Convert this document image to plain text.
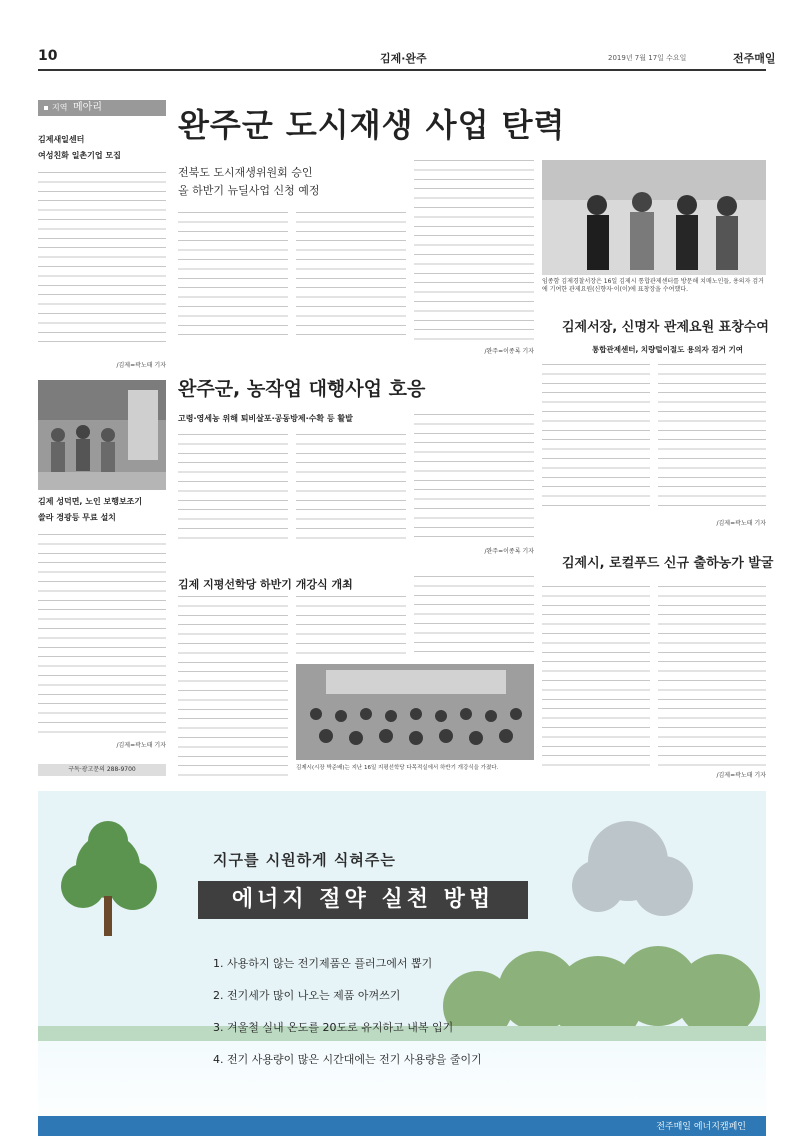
10	김제·완주	2019년 7월 17일 수요일	전주매일
지역 메아리
김제새일센터
여성친화 일촌기업 모집
/김제=곽노태 기자
김제 성덕면, 노인 보행보조기
쓸라 경광등 무료 설치
/김제=곽노태 기자
구독·광고문의 288-9700
완주군 도시재생 사업 탄력
전북도 도시재생위원회 승인
올 하반기 뉴딜사업 신청 예정
/완주=이종록 기자
임종함 김제경찰서장은 16일 김제시 통합관제센터를 방문해 치매노인들, 용의자 검거에 기여한 관제요원(신향자·이(이)에 표창장을 수여했다.
김제서장, 신명자 관제요원 표창수여
통합관제센터, 치량털이절도 용의자 검거 기여
/김제=곽노태 기자
완주군, 농작업 대행사업 호응
고령·영세농 위해 퇴비살포·공동방제·수확 등 활발
/완주=이종록 기자
김제 지평선학당 하반기 개강식 개최
김제시(시장 박준배)는 지난 16일 지평선학당 다목적실에서 하반기 개강식을 가졌다.
김제시, 로컬푸드 신규 출하농가 발굴
/김제=곽노태 기자
지구를 시원하게 식혀주는
에너지 절약 실천 방법
1. 사용하지 않는 전기제품은 플러그에서 뽑기
2. 전기세가 많이 나오는 제품 아껴쓰기
3. 겨울철 실내 온도를 20도로 유지하고 내복 입기
4. 전기 사용량이 많은 시간대에는 전기 사용량을 줄이기
전주매일 에너지캠페인
